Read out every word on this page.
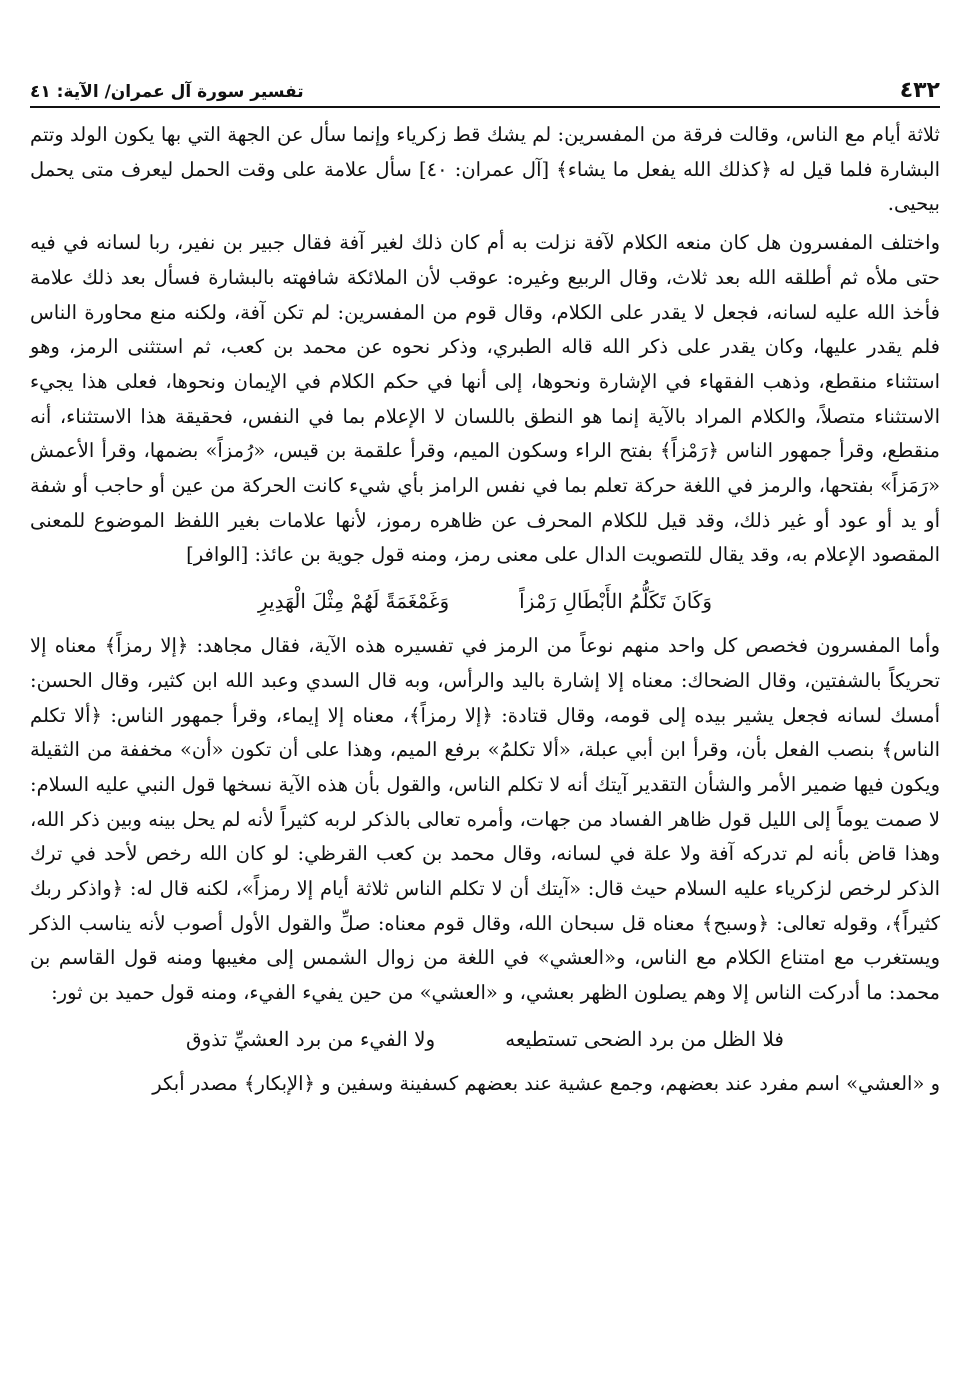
٤٣٢
تفسير سورة آل عمران/ الآية: ٤١

ثلاثة أيام مع الناس، وقالت فرقة من المفسرين: لم يشك قط زكرياء وإنما سأل عن الجهة التي بها يكون الولد وتتم البشارة فلما قيل له ﴿كذلك الله يفعل ما يشاء﴾ [آل عمران: ٤٠] سأل علامة على وقت الحمل ليعرف متى يحمل بيحيى.

واختلف المفسرون هل كان منعه الكلام لآفة نزلت به أم كان ذلك لغير آفة فقال جبير بن نفير، ربا لسانه في فيه حتى ملأه ثم أطلقه الله بعد ثلاث، وقال الربيع وغيره: عوقب لأن الملائكة شافهته بالبشارة فسأل بعد ذلك علامة فأخذ الله عليه لسانه، فجعل لا يقدر على الكلام، وقال قوم من المفسرين: لم تكن آفة، ولكنه منع محاورة الناس فلم يقدر عليها، وكان يقدر على ذكر الله قاله الطبري، وذكر نحوه عن محمد بن كعب، ثم استثنى الرمز، وهو استثناء منقطع، وذهب الفقهاء في الإشارة ونحوها، إلى أنها في حكم الكلام في الإيمان ونحوها، فعلى هذا يجيء الاستثناء متصلاً، والكلام المراد بالآية إنما هو النطق باللسان لا الإعلام بما في النفس، فحقيقة هذا الاستثناء، أنه منقطع، وقرأ جمهور الناس ﴿رَمْزاً﴾ بفتح الراء وسكون الميم، وقرأ علقمة بن قيس، «رُمزاً» بضمها، وقرأ الأعمش «رَمَزاً» بفتحها، والرمز في اللغة حركة تعلم بما في نفس الرامز بأي شيء كانت الحركة من عين أو حاجب أو شفة أو يد أو عود أو غير ذلك، وقد قيل للكلام المحرف عن ظاهره رموز، لأنها علامات بغير اللفظ الموضوع للمعنى المقصود الإعلام به، وقد يقال للتصويت الدال على معنى رمز، ومنه قول جوية بن عائذ: [الوافر]

وَكَانَ تَكَلُّمُ الأَبْطَالِ رَمْزاً
وَغَمْغَمَةً لَهُمْ مِثْلَ الْهَدِيرِ

وأما المفسرون فخصص كل واحد منهم نوعاً من الرمز في تفسيره هذه الآية، فقال مجاهد: ﴿إلا رمزاً﴾ معناه إلا تحريكاً بالشفتين، وقال الضحاك: معناه إلا إشارة باليد والرأس، وبه قال السدي وعبد الله ابن كثير، وقال الحسن: أمسك لسانه فجعل يشير بيده إلى قومه، وقال قتادة: ﴿إلا رمزاً﴾، معناه إلا إيماء، وقرأ جمهور الناس: ﴿ألا تكلم الناس﴾ بنصب الفعل بأن، وقرأ ابن أبي عبلة، «ألا تكلمُ» برفع الميم، وهذا على أن تكون «أن» مخففة من الثقيلة ويكون فيها ضمير الأمر والشأن التقدير آيتك أنه لا تكلم الناس، والقول بأن هذه الآية نسخها قول النبي عليه السلام: لا صمت يوماً إلى الليل قول ظاهر الفساد من جهات، وأمره تعالى بالذكر لربه كثيراً لأنه لم يحل بينه وبين ذكر الله، وهذا قاض بأنه لم تدركه آفة ولا علة في لسانه، وقال محمد بن كعب القرظي: لو كان الله رخص لأحد في ترك الذكر لرخص لزكرياء عليه السلام حيث قال: «آيتك أن لا تكلم الناس ثلاثة أيام إلا رمزاً»، لكنه قال له: ﴿واذكر ربك كثيراً﴾، وقوله تعالى: ﴿وسبح﴾ معناه قل سبحان الله، وقال قوم معناه: صلِّ والقول الأول أصوب لأنه يناسب الذكر ويستغرب مع امتناع الكلام مع الناس، و«العشي» في اللغة من زوال الشمس إلى مغيبها ومنه قول القاسم بن محمد: ما أدركت الناس إلا وهم يصلون الظهر بعشي، و «العشي» من حين يفيء الفيء، ومنه قول حميد بن ثور:

فلا الظل من برد الضحى تستطيعه
ولا الفيء من برد العشيِّ تذوق

و «العشي» اسم مفرد عند بعضهم، وجمع عشية عند بعضهم كسفينة وسفين و ﴿الإبكار﴾ مصدر أبكر
